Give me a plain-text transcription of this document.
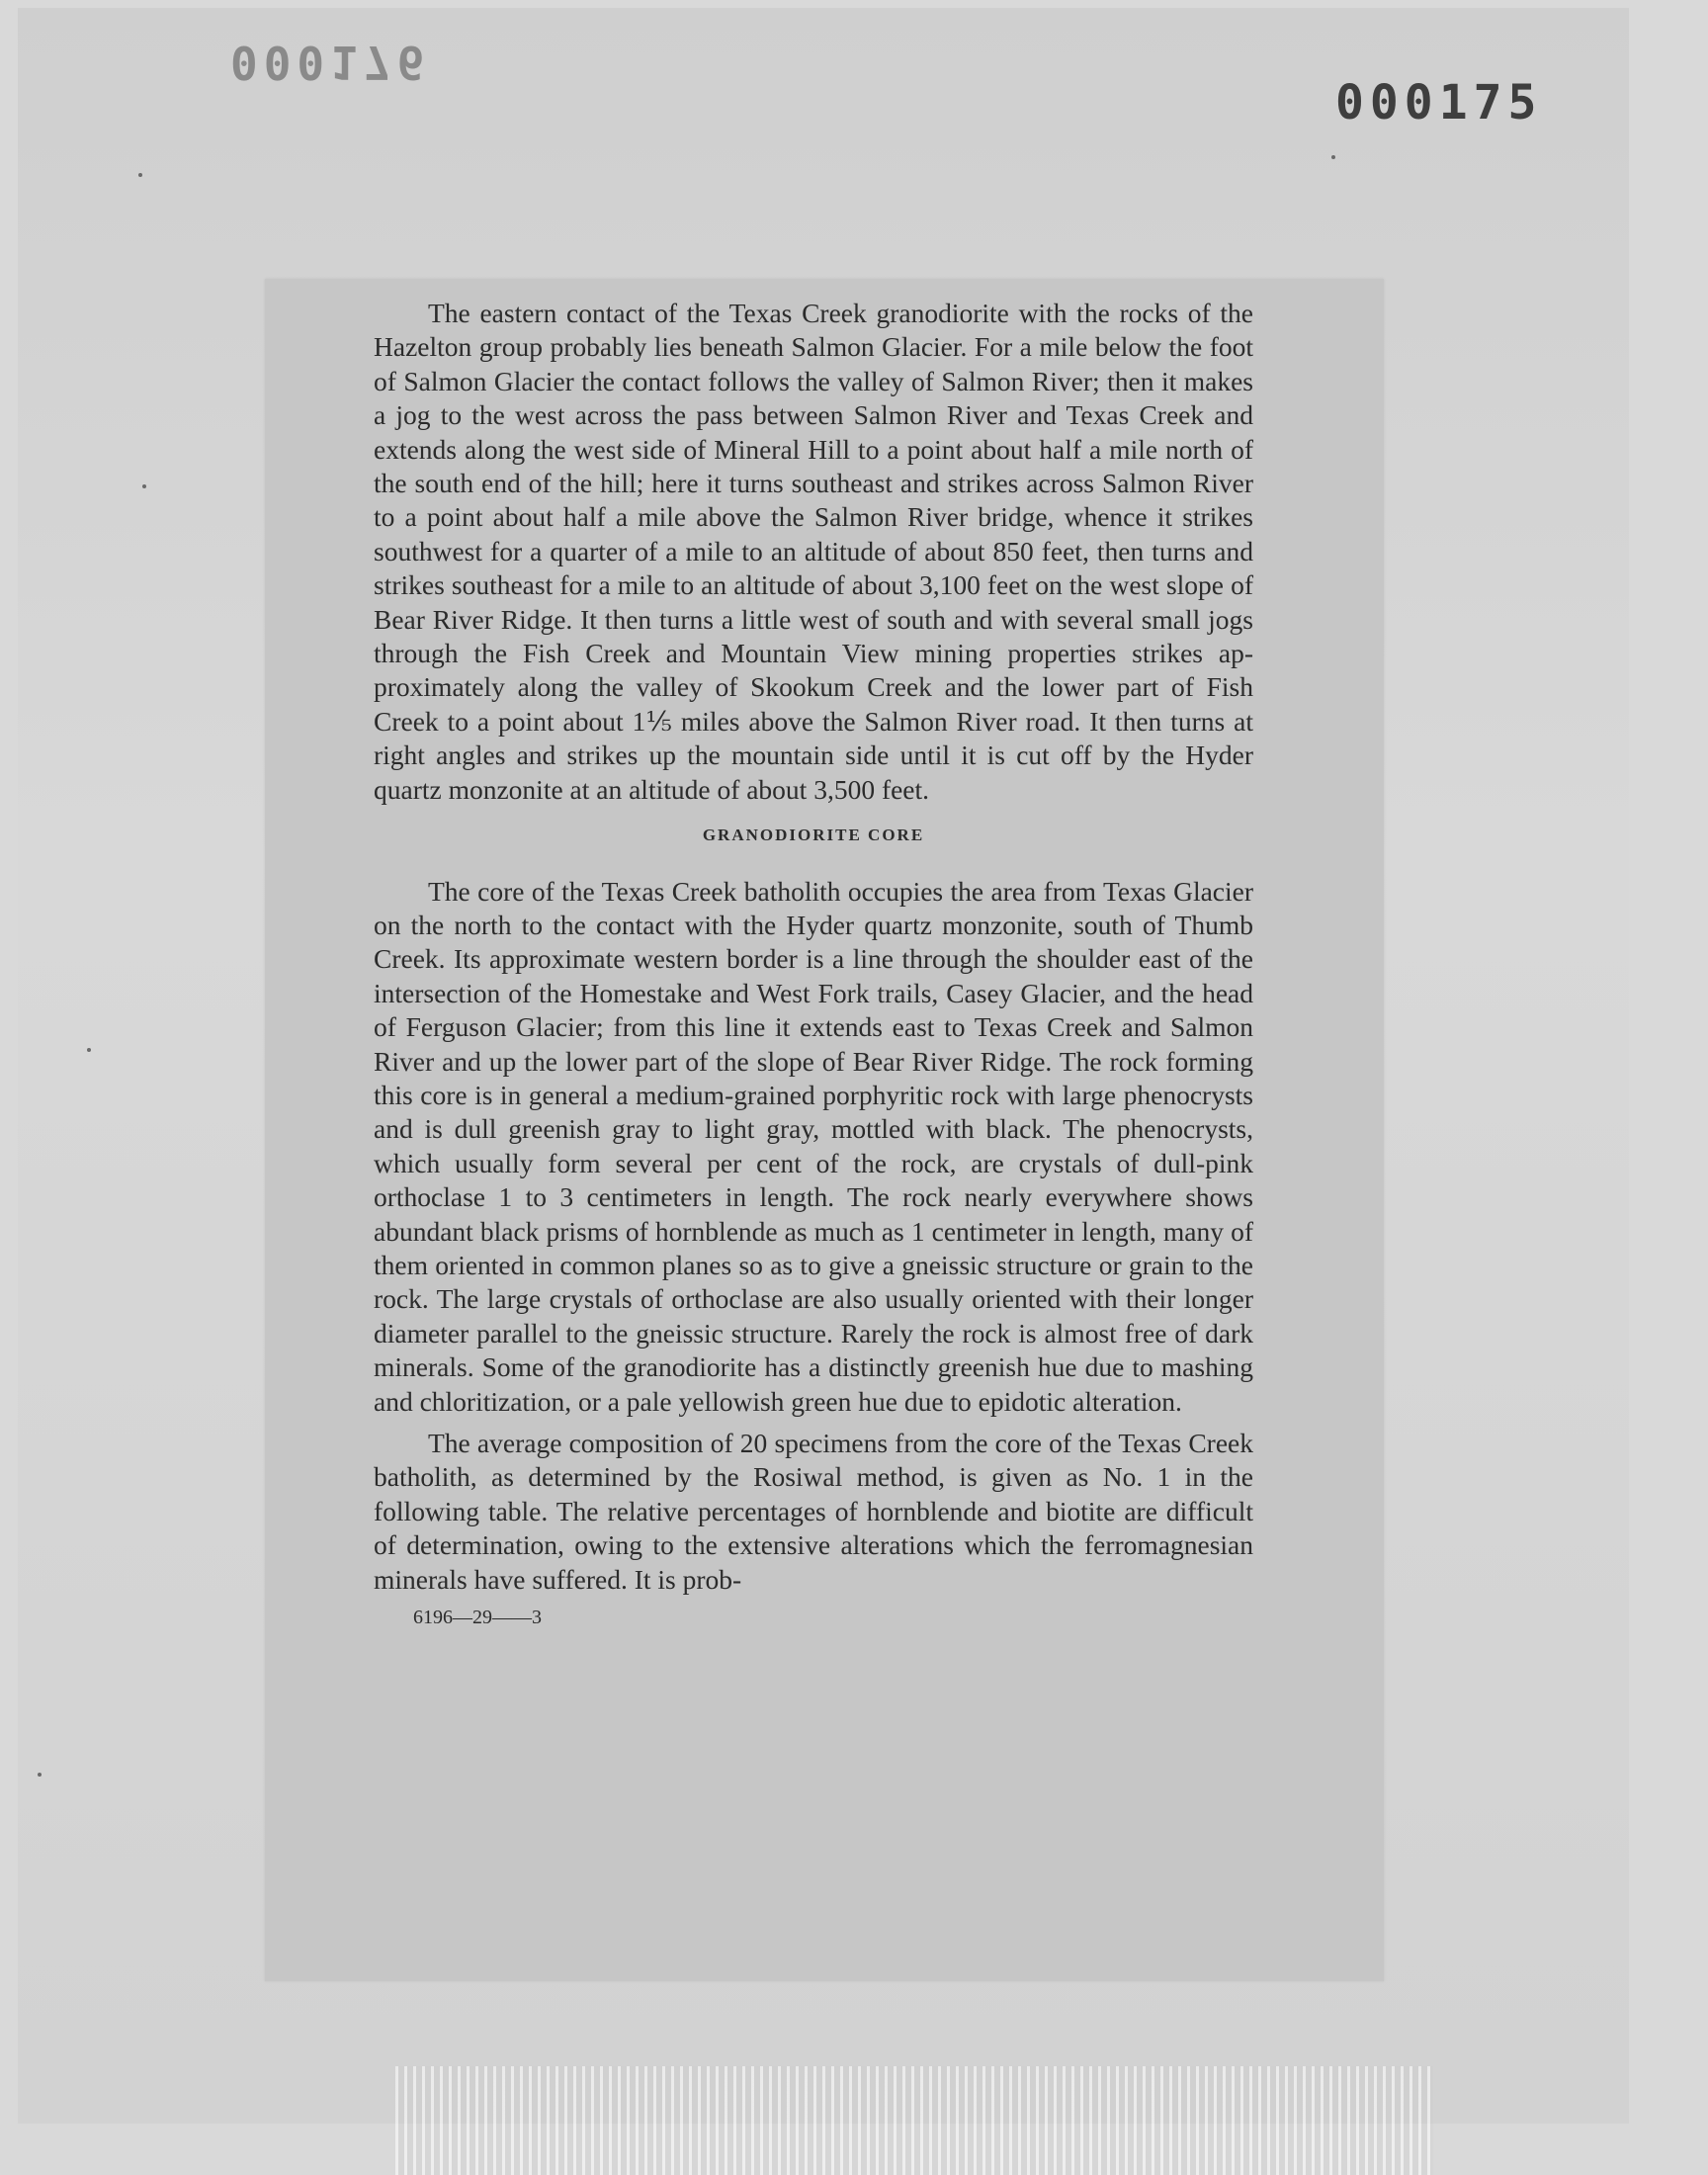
000176
000175

The eastern contact of the Texas Creek granodiorite with the rocks of the Hazelton group probably lies beneath Salmon Glacier. For a mile below the foot of Salmon Glacier the contact follows the valley of Salmon River; then it makes a jog to the west across the pass between Salmon River and Texas Creek and extends along the west side of Mineral Hill to a point about half a mile north of the south end of the hill; here it turns southeast and strikes across Salmon River to a point about half a mile above the Salmon River bridge, whence it strikes southwest for a quarter of a mile to an altitude of about 850 feet, then turns and strikes southeast for a mile to an altitude of about 3,100 feet on the west slope of Bear River Ridge. It then turns a little west of south and with several small jogs through the Fish Creek and Mountain View mining properties strikes approximately along the valley of Skookum Creek and the lower part of Fish Creek to a point about 1⅕ miles above the Salmon River road. It then turns at right angles and strikes up the mountain side until it is cut off by the Hyder quartz monzonite at an altitude of about 3,500 feet.

GRANODIORITE CORE

The core of the Texas Creek batholith occupies the area from Texas Glacier on the north to the contact with the Hyder quartz monzonite, south of Thumb Creek. Its approximate western border is a line through the shoulder east of the intersection of the Homestake and West Fork trails, Casey Glacier, and the head of Ferguson Glacier; from this line it extends east to Texas Creek and Salmon River and up the lower part of the slope of Bear River Ridge. The rock forming this core is in general a medium-grained porphyritic rock with large phenocrysts and is dull greenish gray to light gray, mottled with black. The phenocrysts, which usually form several per cent of the rock, are crystals of dull-pink orthoclase 1 to 3 centimeters in length. The rock nearly everywhere shows abundant black prisms of hornblende as much as 1 centimeter in length, many of them oriented in common planes so as to give a gneissic structure or grain to the rock. The large crystals of orthoclase are also usually oriented with their longer diameter parallel to the gneissic structure. Rarely the rock is almost free of dark minerals. Some of the granodiorite has a distinctly greenish hue due to mashing and chloritization, or a pale yellowish green hue due to epidotic alteration.

The average composition of 20 specimens from the core of the Texas Creek batholith, as determined by the Rosiwal method, is given as No. 1 in the following table. The relative percentages of hornblende and biotite are difficult of determination, owing to the extensive alterations which the ferromagnesian minerals have suffered. It is prob-

6196—29——3
